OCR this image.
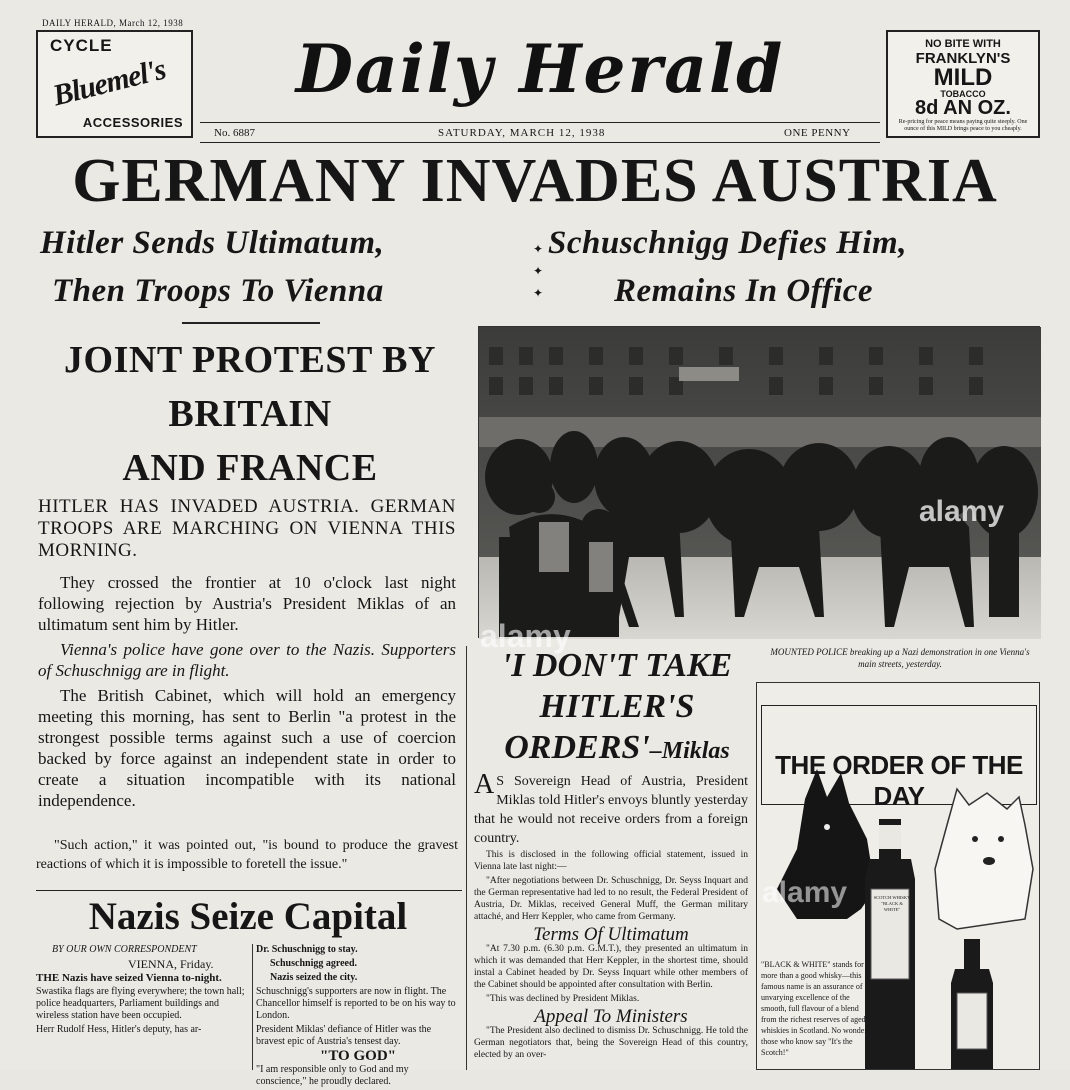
DAILY HERALD, March 12, 1938
CYCLE
Bluemel's
ACCESSORIES
Daily Herald
No. 6887	SATURDAY, MARCH 12, 1938	ONE PENNY
NO BITE WITH
FRANKLYN'S
MILD
TOBACCO
8d AN OZ.
Re-pricing for peace means paying quite steeply. One ounce of this MILD brings peace to you cheaply.
GERMANY INVADES AUSTRIA
Hitler Sends Ultimatum,
Then Troops To Vienna
Schuschnigg Defies Him,
Remains In Office
✦
✦
✦
JOINT PROTEST BY
BRITAIN
AND FRANCE
HITLER HAS INVADED AUSTRIA. GERMAN TROOPS ARE MARCHING ON VIENNA THIS MORNING.

They crossed the frontier at 10 o'clock last night following rejection by Austria's President Miklas of an ultimatum sent him by Hitler.

Vienna's police have gone over to the Nazis. Supporters of Schuschnigg are in flight.

The British Cabinet, which will hold an emergency meeting this morning, has sent to Berlin "a protest in the strongest possible terms against such a use of coercion backed by force against an independent state in order to create a situation incompatible with its national independence.

"Such action," it was pointed out, "is bound to produce the gravest reactions of which it is impossible to foretell the issue."

Nazis Seize Capital

BY OUR OWN CORRESPONDENT

VIENNA, Friday.

THE Nazis have seized Vienna to-night.

Swastika flags are flying everywhere; the town hall; police headquarters, Parliament buildings and wireless station have been occupied.

Herr Rudolf Hess, Hitler's deputy, has ar-

Dr. Schuschnigg to stay.

Schuschnigg agreed.

Nazis seized the city.

Schuschnigg's supporters are now in flight. The Chancellor himself is reported to be on his way to London.

President Miklas' defiance of Hitler was the bravest epic of Austria's tensest day.

"TO GOD"

"I am responsible only to God and my conscience," he proudly declared.

alamy
MOUNTED POLICE breaking up a Nazi demonstration in one Vienna's main streets, yesterday.
'I DON'T TAKE
HITLER'S
ORDERS'–Miklas
A S Sovereign Head of Austria, President Miklas told Hitler's envoys bluntly yesterday that he would not receive orders from a foreign country.

This is disclosed in the following official statement, issued in Vienna late last night:—

"After negotiations between Dr. Schuschnigg, Dr. Seyss Inquart and the German representative had led to no result, the Federal President of Austria, Dr. Miklas, received General Muff, the German military attaché, and Herr Keppler, who came from Germany.

Terms Of Ultimatum

"At 7.30 p.m. (6.30 p.m. G.M.T.), they presented an ultimatum in which it was demanded that Herr Keppler, in the shortest time, should instal a Cabinet headed by Dr. Seyss Inquart while other members of the Cabinet should be appointed after consultation with Berlin.

"This was declined by President Miklas.

Appeal To Ministers

"The President also declined to dismiss Dr. Schuschnigg. He told the German negotiators that, being the Sovereign Head of this country, elected by an over-

THE ORDER OF THE DAY
SCOTCH WHISKY "BLACK & WHITE"
"BLACK & WHITE" stands for more than a good whisky—this famous name is an assurance of unvarying excellence of the smooth, full flavour of a blend from the richest reserves of aged whiskies in Scotland. No wonder those who know say "It's the Scotch!"
alamy
alamy
